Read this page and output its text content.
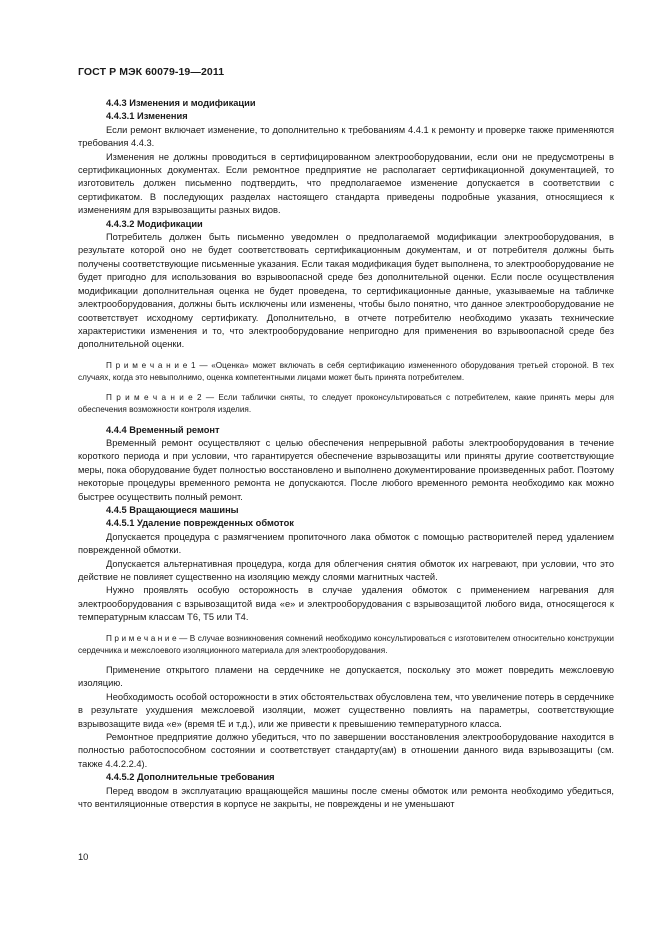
ГОСТ Р МЭК 60079-19—2011
4.4.3 Изменения и модификации
4.4.3.1 Изменения
Если ремонт включает изменение, то дополнительно к требованиям 4.4.1 к ремонту и проверке также применяются требования 4.4.3.
Изменения не должны проводиться в сертифицированном электрооборудовании, если они не предусмотрены в сертификационных документах. Если ремонтное предприятие не располагает сертификационной документацией, то изготовитель должен письменно подтвердить, что предполагаемое изменение допускается в соответствии с сертификатом. В последующих разделах настоящего стандарта приведены подробные указания, относящиеся к изменениям для взрывозащиты разных видов.
4.4.3.2 Модификации
Потребитель должен быть письменно уведомлен о предполагаемой модификации электрооборудования, в результате которой оно не будет соответствовать сертификационным документам, и от потребителя должны быть получены соответствующие письменные указания. Если такая модификация будет выполнена, то электрооборудование не будет пригодно для использования во взрывоопасной среде без дополнительной оценки. Если после осуществления модификации дополнительная оценка не будет проведена, то сертификационные данные, указываемые на табличке электрооборудования, должны быть исключены или изменены, чтобы было понятно, что данное электрооборудование не соответствует исходному сертификату. Дополнительно, в отчете потребителю необходимо указать технические характеристики изменения и то, что электрооборудование непригодно для применения во взрывоопасной среде без дополнительной оценки.
П р и м е ч а н и е 1 — «Оценка» может включать в себя сертификацию измененного оборудования третьей стороной. В тех случаях, когда это невыполнимо, оценка компетентными лицами может быть принята потребителем.
П р и м е ч а н и е 2 — Если таблички сняты, то следует проконсультироваться с потребителем, какие принять меры для обеспечения возможности контроля изделия.
4.4.4 Временный ремонт
Временный ремонт осуществляют с целью обеспечения непрерывной работы электрооборудования в течение короткого периода и при условии, что гарантируется обеспечение взрывозащиты или приняты другие соответствующие меры, пока оборудование будет полностью восстановлено и выполнено документирование произведенных работ. Поэтому некоторые процедуры временного ремонта не допускаются. После любого временного ремонта необходимо как можно быстрее осуществить полный ремонт.
4.4.5 Вращающиеся машины
4.4.5.1 Удаление поврежденных обмоток
Допускается процедура с размягчением пропиточного лака обмоток с помощью растворителей перед удалением поврежденной обмотки.
Допускается альтернативная процедура, когда для облегчения снятия обмоток их нагревают, при условии, что это действие не повлияет существенно на изоляцию между слоями магнитных частей.
Нужно проявлять особую осторожность в случае удаления обмоток с применением нагревания для электрооборудования с взрывозащитой вида «е» и электрооборудования с взрывозащитой любого вида, относящегося к температурным классам Т6, Т5 или Т4.
П р и м е ч а н и е — В случае возникновения сомнений необходимо консультироваться с изготовителем относительно конструкции сердечника и межслоевого изоляционного материала для электрооборудования.
Применение открытого пламени на сердечнике не допускается, поскольку это может повредить межслоевую изоляцию.
Необходимость особой осторожности в этих обстоятельствах обусловлена тем, что увеличение потерь в сердечнике в результате ухудшения межслоевой изоляции, может существенно повлиять на параметры, соответствующие взрывозащите вида «е» (время tE и т.д.), или же привести к превышению температурного класса.
Ремонтное предприятие должно убедиться, что по завершении восстановления электрооборудование находится в полностью работоспособном состоянии и соответствует стандарту(ам) в отношении данного вида взрывозащиты (см. также 4.4.2.2.4).
4.4.5.2 Дополнительные требования
Перед вводом в эксплуатацию вращающейся машины после смены обмоток или ремонта необходимо убедиться, что вентиляционные отверстия в корпусе не закрыты, не повреждены и не уменьшают
10
